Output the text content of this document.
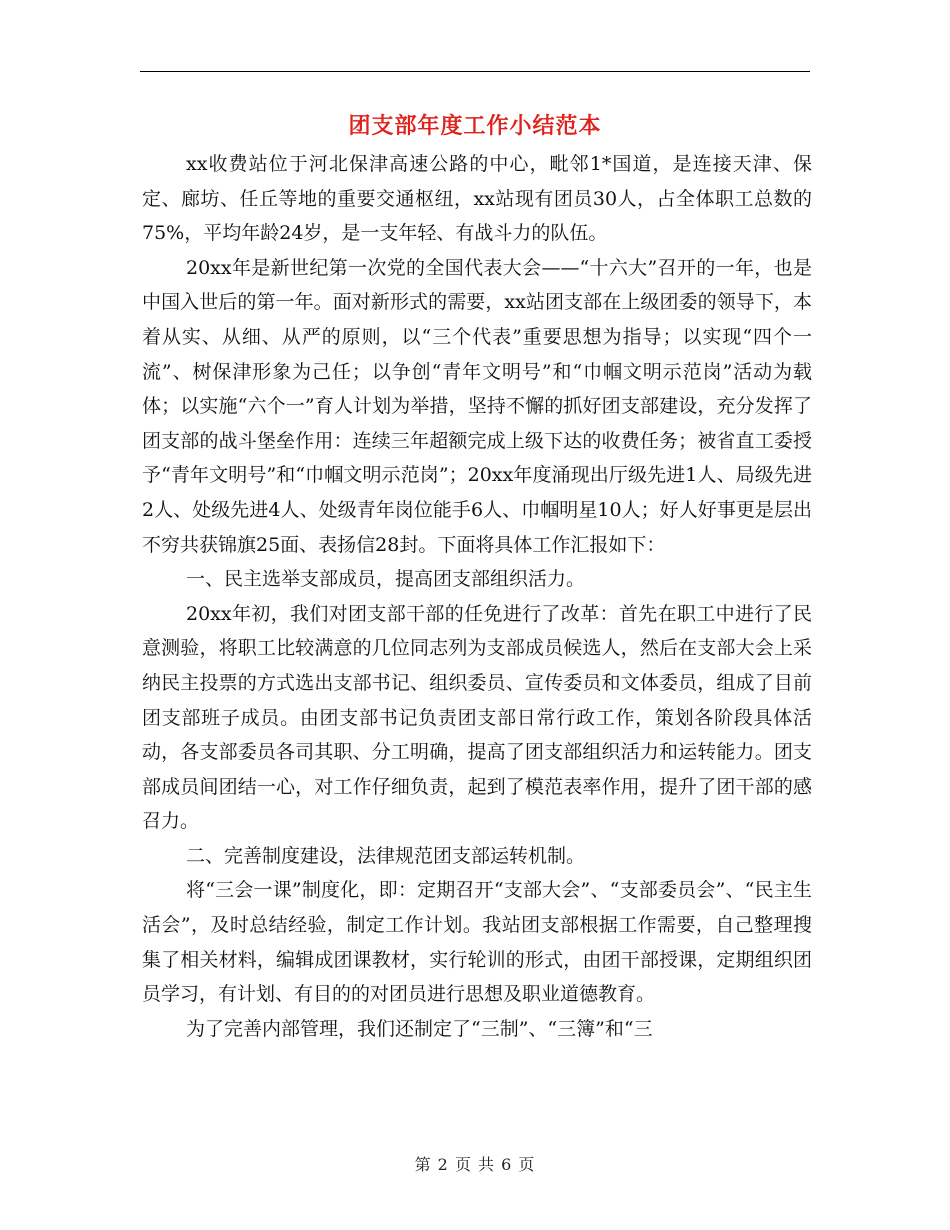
团支部年度工作小结范本

xx收费站位于河北保津高速公路的中心，毗邻1*国道，是连接天津、保定、廊坊、任丘等地的重要交通枢纽，xx站现有团员30人，占全体职工总数的75%，平均年龄24岁，是一支年轻、有战斗力的队伍。

20xx年是新世纪第一次党的全国代表大会——“十六大”召开的一年，也是中国入世后的第一年。面对新形式的需要，xx站团支部在上级团委的领导下，本着从实、从细、从严的原则，以“三个代表”重要思想为指导；以实现“四个一流”、树保津形象为己任；以争创“青年文明号”和“巾帼文明示范岗”活动为载体；以实施“六个一”育人计划为举措，坚持不懈的抓好团支部建设，充分发挥了团支部的战斗堡垒作用：连续三年超额完成上级下达的收费任务；被省直工委授予“青年文明号”和“巾帼文明示范岗”；20xx年度涌现出厅级先进1人、局级先进2人、处级先进4人、处级青年岗位能手6人、巾帼明星10人；好人好事更是层出不穷共获锦旗25面、表扬信28封。下面将具体工作汇报如下：

一、民主选举支部成员，提高团支部组织活力。

20xx年初，我们对团支部干部的任免进行了改革：首先在职工中进行了民意测验，将职工比较满意的几位同志列为支部成员候选人，然后在支部大会上采纳民主投票的方式选出支部书记、组织委员、宣传委员和文体委员，组成了目前团支部班子成员。由团支部书记负责团支部日常行政工作，策划各阶段具体活动，各支部委员各司其职、分工明确，提高了团支部组织活力和运转能力。团支部成员间团结一心，对工作仔细负责，起到了模范表率作用，提升了团干部的感召力。

二、完善制度建设，法律规范团支部运转机制。

将“三会一课”制度化，即：定期召开“支部大会”、“支部委员会”、“民主生活会”，及时总结经验，制定工作计划。我站团支部根据工作需要，自己整理搜集了相关材料，编辑成团课教材，实行轮训的形式，由团干部授课，定期组织团员学习，有计划、有目的的对团员进行思想及职业道德教育。

为了完善内部管理，我们还制定了“三制”、“三簿”和“三

第 2 页 共 6 页
